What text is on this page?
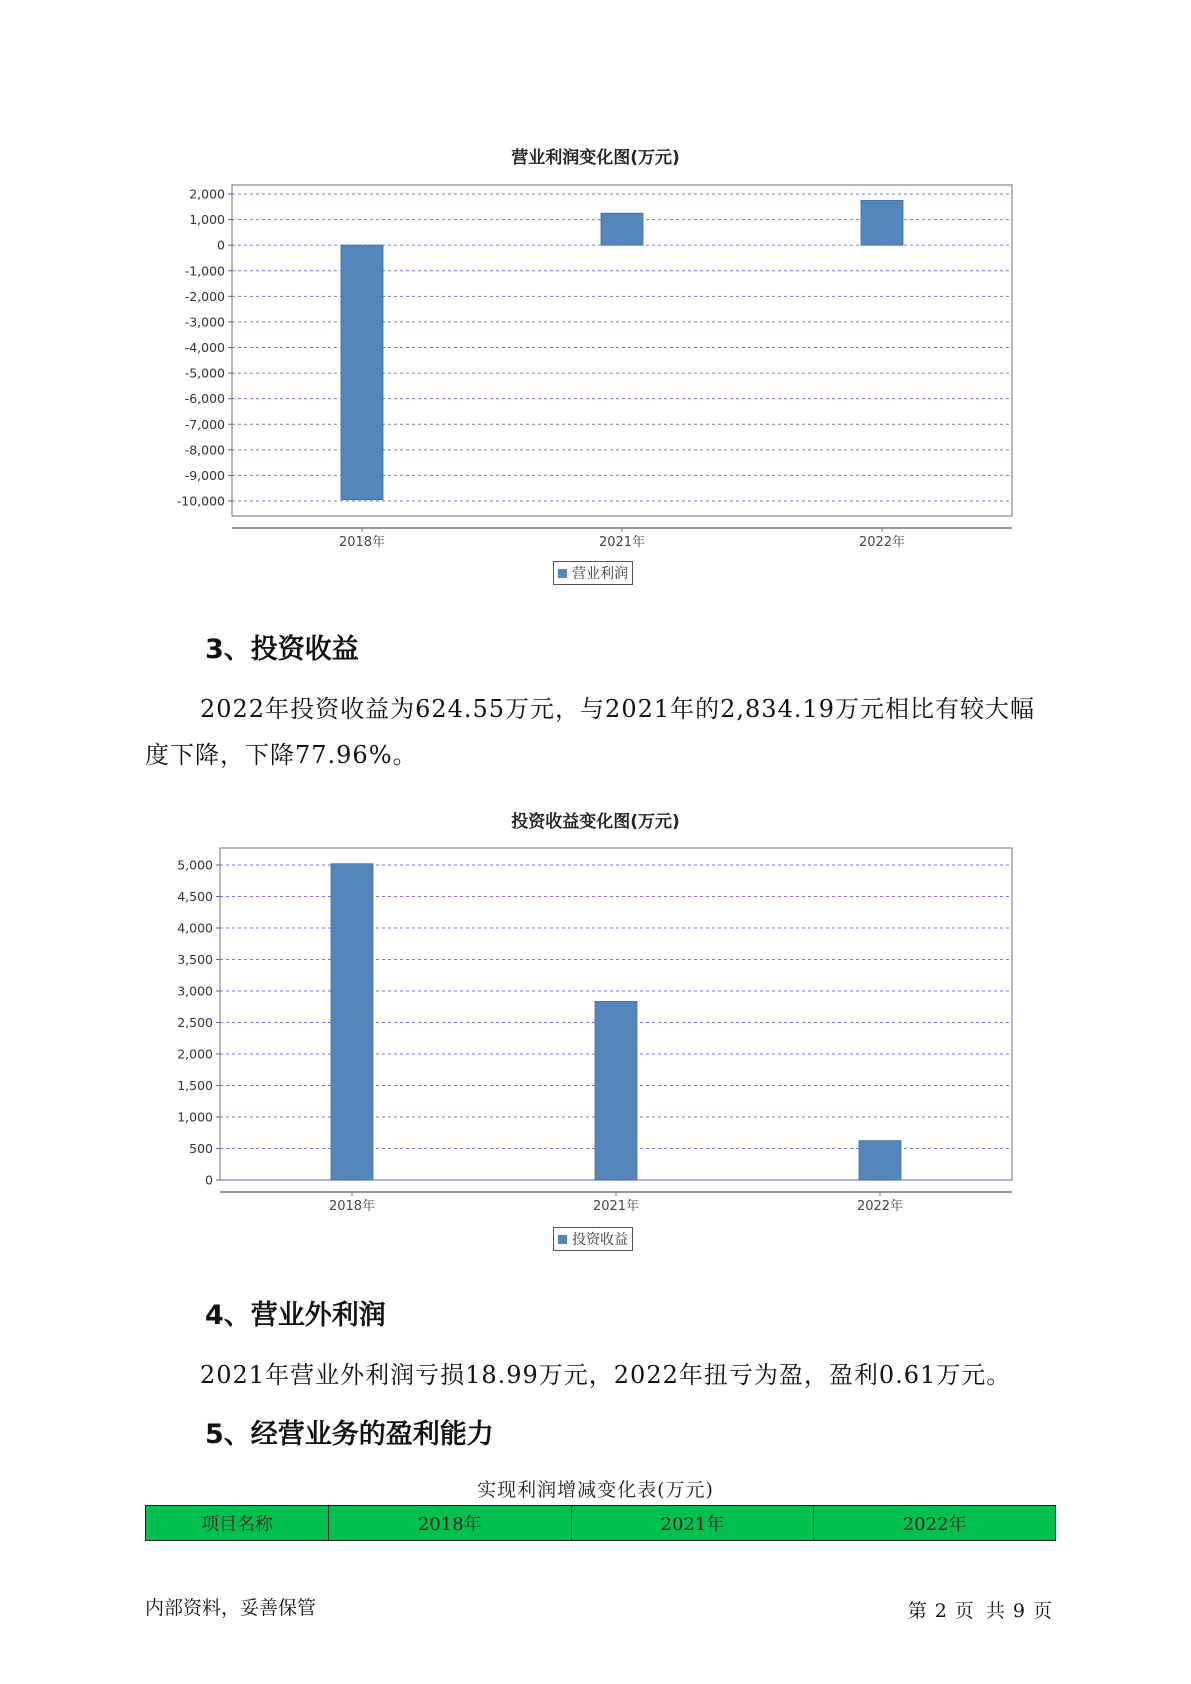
营业利润变化图(万元)
2,000
1,000
0
-1,000
-2,000
-3,000
-4,000
-5,000
-6,000
-7,000
-8,000
-9,000
-10,000
2018年	2021年	2022年
营业利润
3、投资收益

2022年投资收益为624.55万元，与2021年的2,834.19万元相比有较大幅度下降，下降77.96%。

投资收益变化图(万元)
5,000
4,500
4,000
3,500
3,000
2,500
2,000
1,500
1,000
500
0
2018年	2021年	2022年
投资收益
4、营业外利润

2021年营业外利润亏损18.99万元，2022年扭亏为盈，盈利0.61万元。

5、经营业务的盈利能力
实现利润增减变化表(万元)
项目名称	2018年	2021年	2022年
内部资料，妥善保管	第 2 页  共 9 页
